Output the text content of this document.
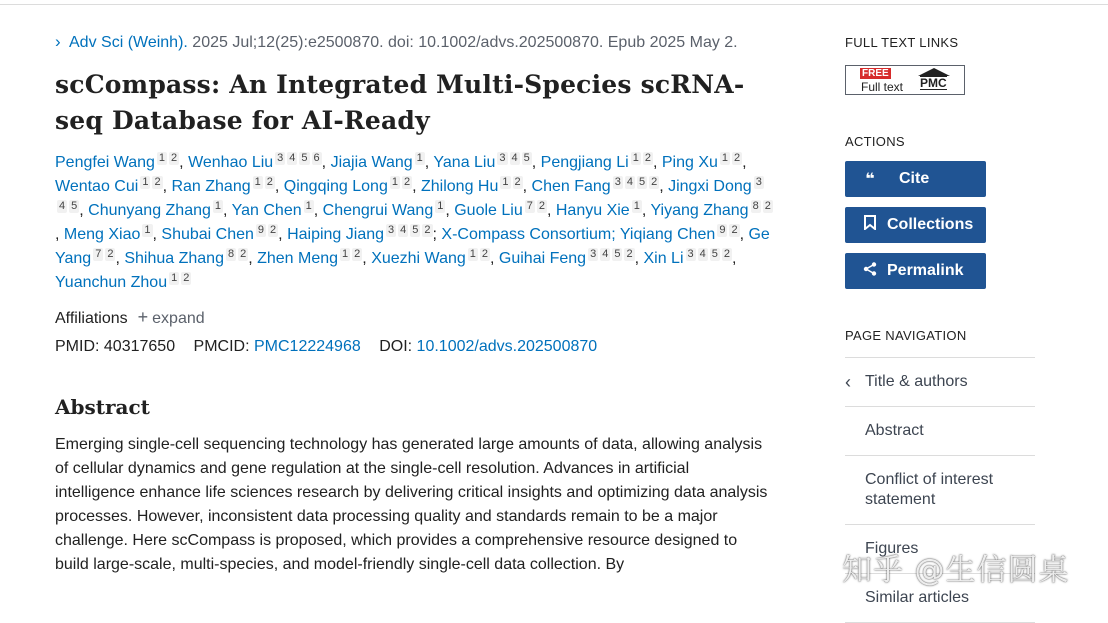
› Adv Sci (Weinh). 2025 Jul;12(25):e2500870. doi: 10.1002/advs.202500870. Epub 2025 May 2.
scCompass: An Integrated Multi-Species scRNA-seq Database for AI-Ready
Pengfei Wang 1 2 , Wenhao Liu 3 4 5 6 , Jiajia Wang 1 , Yana Liu 3 4 5 , Pengjiang Li 1 2 , Ping Xu 1 2 , Wentao Cui 1 2 , Ran Zhang 1 2 , Qingqing Long 1 2 , Zhilong Hu 1 2 , Chen Fang 3 4 5 2 , Jingxi Dong 34 5 , Chunyang Zhang 1 , Yan Chen 1 , Chengrui Wang 1 , Guole Liu 7 2 , Hanyu Xie 1 , Yiyang Zhang 8 2, Meng Xiao 1 , Shubai Chen 9 2 , Haiping Jiang 3 4 5 2 ; X-Compass Consortium; Yiqiang Chen 9 2 , Ge Yang 7 2 , Shihua Zhang 8 2 , Zhen Meng 1 2 , Xuezhi Wang 1 2 , Guihai Feng 3 4 5 2 , Xin Li 3 4 5 2 , Yuanchun Zhou 1 2
Affiliations + expand
PMID: 40317650 PMCID: PMC12224968 DOI: 10.1002/advs.202500870
Abstract
Emerging single-cell sequencing technology has generated large amounts of data, allowing analysis of cellular dynamics and gene regulation at the single-cell resolution. Advances in artificial intelligence enhance life sciences research by delivering critical insights and optimizing data analysis processes. However, inconsistent data processing quality and standards remain to be a major challenge. Here scCompass is proposed, which provides a comprehensive resource designed to build large-scale, multi-species, and model-friendly single-cell data collection. By
FULL TEXT LINKS
FREE
Full text PMC
ACTIONS
❝	Cite
Collections
Permalink
PAGE NAVIGATION
‹ Title & authors
Abstract
Conflict of interest statement
Figures
Similar articles
知乎 @生信圆桌
